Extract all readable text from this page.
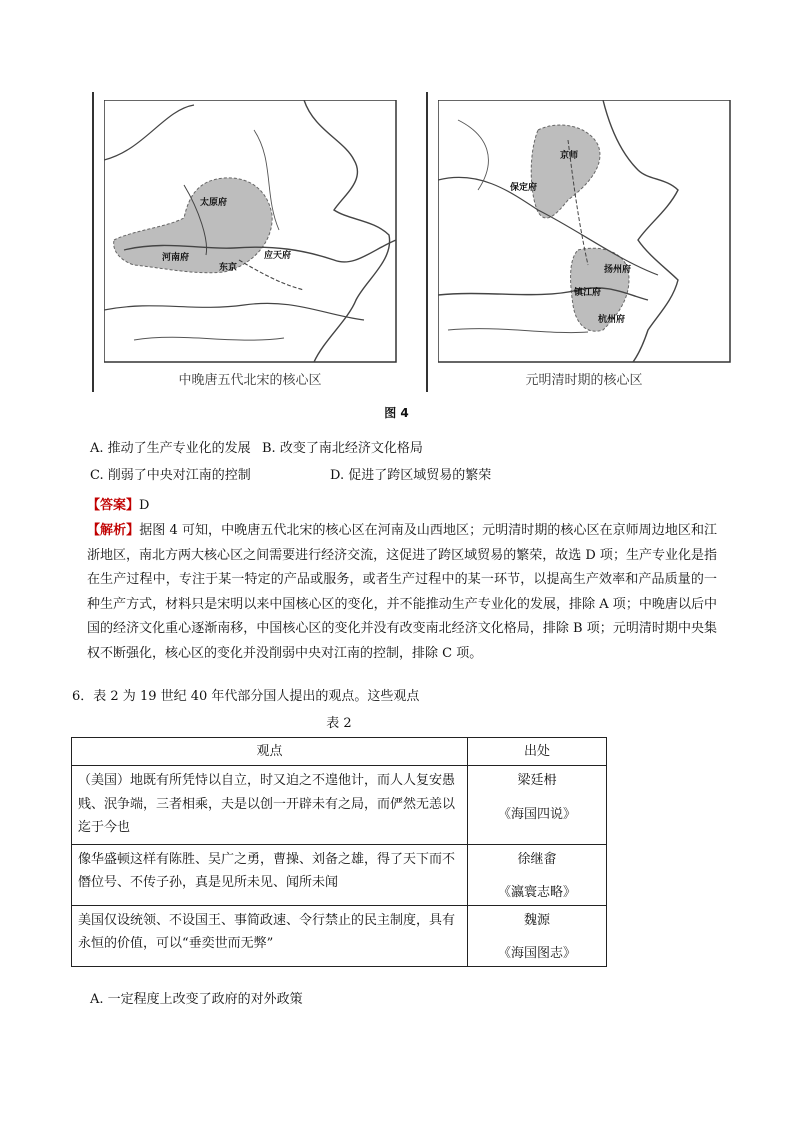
太原府
河南府
东京
应天府
中晚唐五代北宋的核心区
京师
保定府
扬州府
镇江府
杭州府
元明清时期的核心区
图 4
A. 推动了生产专业化的发展 B. 改变了南北经济文化格局
C. 削弱了中央对江南的控制	D. 促进了跨区域贸易的繁荣
【答案】D
【解析】据图 4 可知，中晚唐五代北宋的核心区在河南及山西地区；元明清时期的核心区在京师周边地区和江浙地区，南北方两大核心区之间需要进行经济交流，这促进了跨区域贸易的繁荣，故选 D 项；生产专业化是指在生产过程中，专注于某一特定的产品或服务，或者生产过程中的某一环节，以提高生产效率和产品质量的一种生产方式，材料只是宋明以来中国核心区的变化，并不能推动生产专业化的发展，排除 A 项；中晚唐以后中国的经济文化重心逐渐南移，中国核心区的变化并没有改变南北经济文化格局，排除 B 项；元明清时期中央集权不断强化，核心区的变化并没削弱中央对江南的控制，排除 C 项。
6．表 2 为 19 世纪 40 年代部分国人提出的观点。这些观点
表 2
观点	出处
（美国）地既有所凭恃以自立，时又迫之不遑他计，而人人复安愚贱、泯争端，三者相乘，夫是以创一开辟未有之局，而俨然无恙以迄于今也	梁廷枏
《海国四说》

像华盛顿这样有陈胜、吴广之勇，曹操、刘备之雄，得了天下而不僭位号、不传子孙，真是见所未见、闻所未闻	徐继畬
《瀛寰志略》

美国仅设统领、不设国王、事简政速、令行禁止的民主制度，具有永恒的价值，可以“垂奕世而无弊”	魏源
《海国图志》
A. 一定程度上改变了政府的对外政策
